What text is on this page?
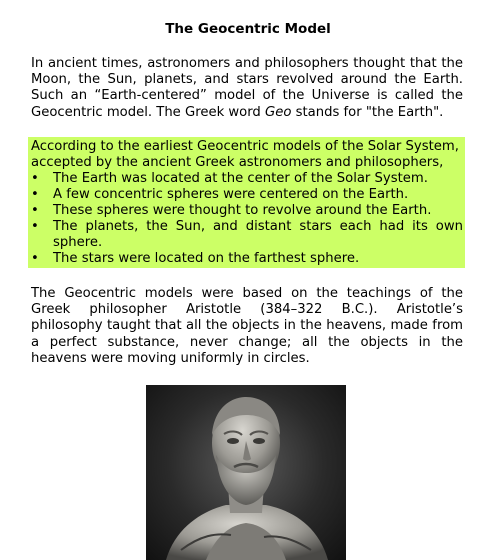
The Geocentric Model

In ancient times, astronomers and philosophers thought that the Moon, the Sun, planets, and stars revolved around the Earth. Such an “Earth-centered” model of the Universe is called the Geocentric model. The Greek word Geo stands for "the Earth".

According to the earliest Geocentric models of the Solar System, accepted by the ancient Greek astronomers and philosophers,

• The Earth was located at the center of the Solar System.
• A few concentric spheres were centered on the Earth.
• These spheres were thought to revolve around the Earth.
• The planets, the Sun, and distant stars each had its own sphere.
• The stars were located on the farthest sphere.

The Geocentric models were based on the teachings of the Greek philosopher Aristotle (384–322 B.C.). Aristotle’s philosophy taught that all the objects in the heavens, made from a perfect substance, never change; all the objects in the heavens were moving uniformly in circles.
